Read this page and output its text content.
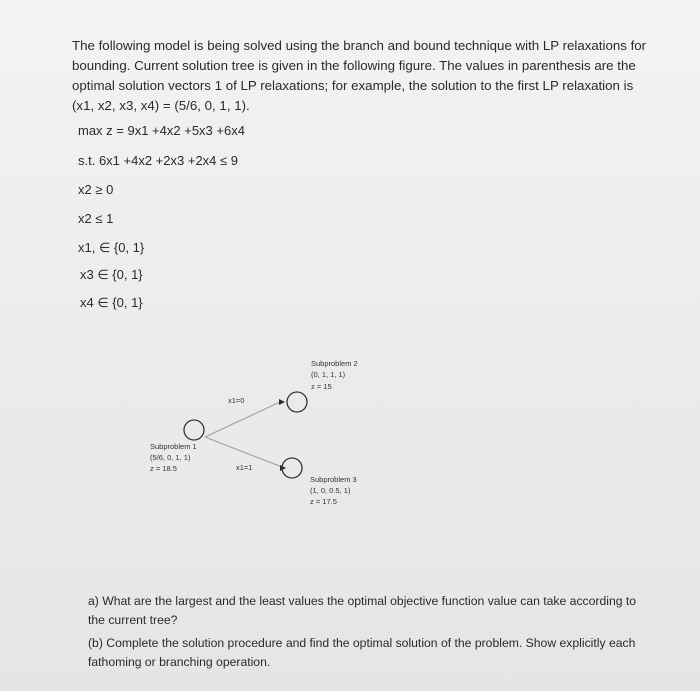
The following model is being solved using the branch and bound technique with LP relaxations for bounding. Current solution tree is given in the following figure. The values in parenthesis are the optimal solution vectors 1 of LP relaxations; for example, the solution to the first LP relaxation is (x1, x2, x3, x4) = (5/6, 0, 1, 1).
max z = 9x1 +4x2 +5x3 +6x4
s.t. 6x1 +4x2 +2x3 +2x4 ≤ 9
x2 ≥ 0
x2 ≤ 1
x1, ∈ {0, 1}
x3 ∈ {0, 1}
x4 ∈ {0, 1}
Subproblem 1
(5/6, 0, 1, 1)
z = 18.5
Subproblem 2
(0, 1, 1, 1)
z = 15
Subproblem 3
(1, 0, 0.5, 1)
z = 17.5
x1=0
x1=1
a) What are the largest and the least values the optimal objective function value can take according to the current tree?
(b) Complete the solution procedure and find the optimal solution of the problem. Show explicitly each fathoming or branching operation.
